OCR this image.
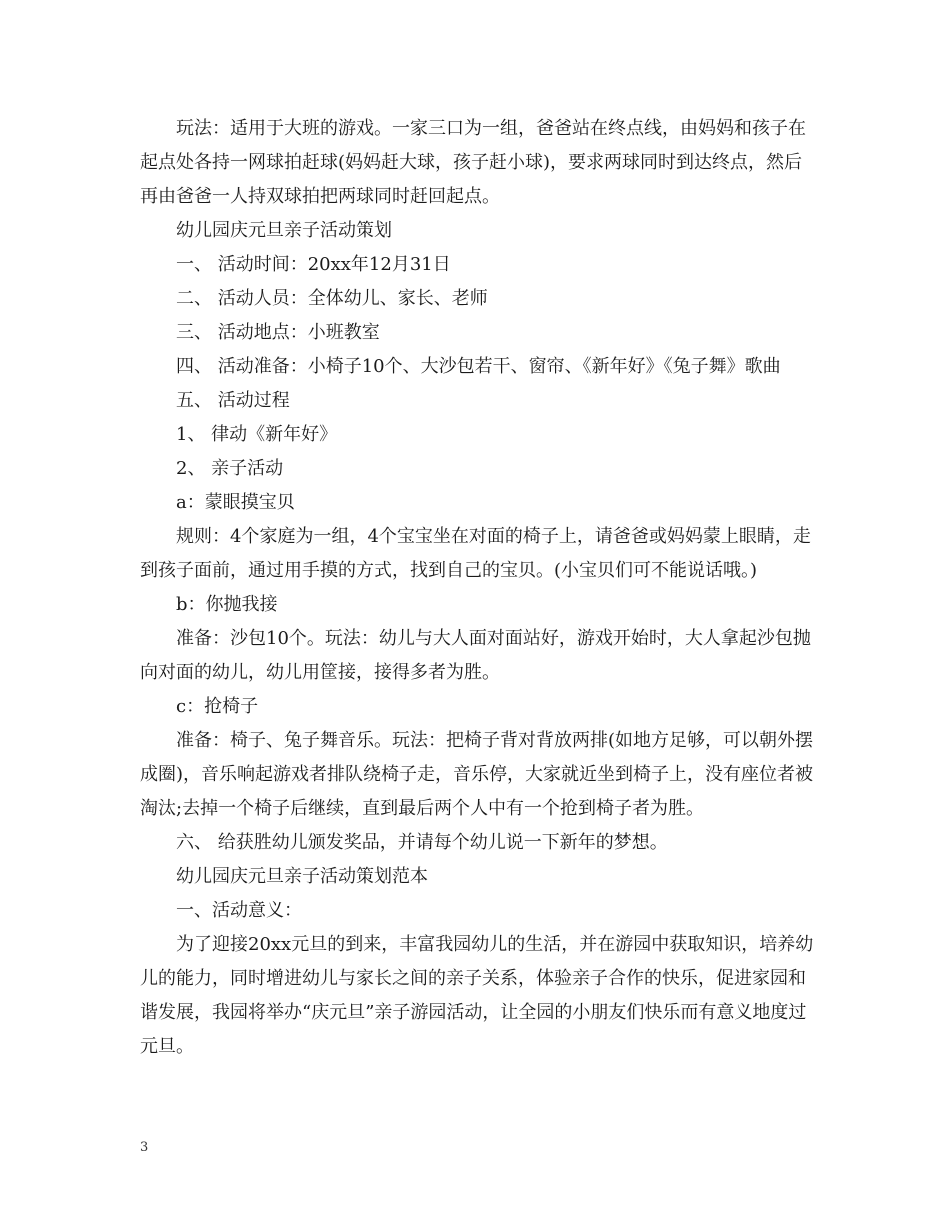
玩法：适用于大班的游戏。一家三口为一组，爸爸站在终点线，由妈妈和孩子在起点处各持一网球拍赶球(妈妈赶大球，孩子赶小球)，要求两球同时到达终点，然后再由爸爸一人持双球拍把两球同时赶回起点。

幼儿园庆元旦亲子活动策划

一、 活动时间：20xx年12月31日

二、 活动人员：全体幼儿、家长、老师

三、 活动地点：小班教室

四、 活动准备：小椅子10个、大沙包若干、窗帘、《新年好》《兔子舞》歌曲

五、 活动过程

1、 律动《新年好》

2、 亲子活动

a：蒙眼摸宝贝

规则：4个家庭为一组，4个宝宝坐在对面的椅子上，请爸爸或妈妈蒙上眼睛，走到孩子面前，通过用手摸的方式，找到自己的宝贝。(小宝贝们可不能说话哦。)

b：你抛我接

准备：沙包10个。玩法：幼儿与大人面对面站好，游戏开始时，大人拿起沙包抛向对面的幼儿，幼儿用筐接，接得多者为胜。

c：抢椅子

准备：椅子、兔子舞音乐。玩法：把椅子背对背放两排(如地方足够，可以朝外摆成圈)，音乐响起游戏者排队绕椅子走，音乐停，大家就近坐到椅子上，没有座位者被淘汰;去掉一个椅子后继续，直到最后两个人中有一个抢到椅子者为胜。

六、 给获胜幼儿颁发奖品，并请每个幼儿说一下新年的梦想。

幼儿园庆元旦亲子活动策划范本

一、活动意义：

为了迎接20xx元旦的到来，丰富我园幼儿的生活，并在游园中获取知识，培养幼儿的能力，同时增进幼儿与家长之间的亲子关系，体验亲子合作的快乐，促进家园和谐发展，我园将举办“庆元旦”亲子游园活动，让全园的小朋友们快乐而有意义地度过元旦。

3
